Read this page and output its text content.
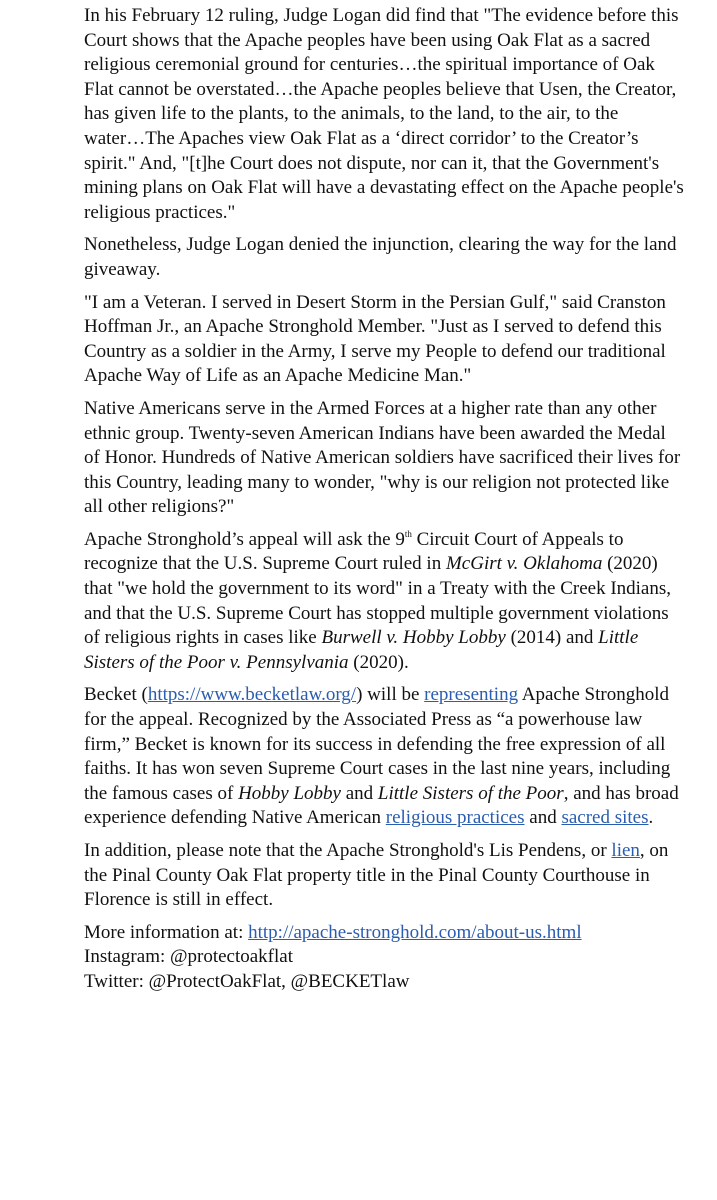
In his February 12 ruling, Judge Logan did find that "The evidence before this Court shows that the Apache peoples have been using Oak Flat as a sacred religious ceremonial ground for centuries…the spiritual importance of Oak Flat cannot be overstated…the Apache peoples believe that Usen, the Creator, has given life to the plants, to the animals, to the land, to the air, to the water…The Apaches view Oak Flat as a ‘direct corridor’ to the Creator’s spirit." And, "[t]he Court does not dispute, nor can it, that the Government's mining plans on Oak Flat will have a devastating effect on the Apache people's religious practices."

Nonetheless, Judge Logan denied the injunction, clearing the way for the land giveaway.

"I am a Veteran. I served in Desert Storm in the Persian Gulf," said Cranston Hoffman Jr., an Apache Stronghold Member. "Just as I served to defend this Country as a soldier in the Army, I serve my People to defend our traditional Apache Way of Life as an Apache Medicine Man."

Native Americans serve in the Armed Forces at a higher rate than any other ethnic group. Twenty-seven American Indians have been awarded the Medal of Honor. Hundreds of Native American soldiers have sacrificed their lives for this Country, leading many to wonder, "why is our religion not protected like all other religions?"

Apache Stronghold’s appeal will ask the 9th Circuit Court of Appeals to recognize that the U.S. Supreme Court ruled in McGirt v. Oklahoma (2020) that "we hold the government to its word" in a Treaty with the Creek Indians, and that the U.S. Supreme Court has stopped multiple government violations of religious rights in cases like Burwell v. Hobby Lobby (2014) and Little Sisters of the Poor v. Pennsylvania (2020).

Becket (https://www.becketlaw.org/) will be representing Apache Stronghold for the appeal. Recognized by the Associated Press as “a powerhouse law firm,” Becket is known for its success in defending the free expression of all faiths. It has won seven Supreme Court cases in the last nine years, including the famous cases of Hobby Lobby and Little Sisters of the Poor, and has broad experience defending Native American religious practices and sacred sites.

In addition, please note that the Apache Stronghold's Lis Pendens, or lien, on the Pinal County Oak Flat property title in the Pinal County Courthouse in Florence is still in effect.

More information at: http://apache-stronghold.com/about-us.html

Instagram: @protectoakflat

Twitter: @ProtectOakFlat, @BECKETlaw
